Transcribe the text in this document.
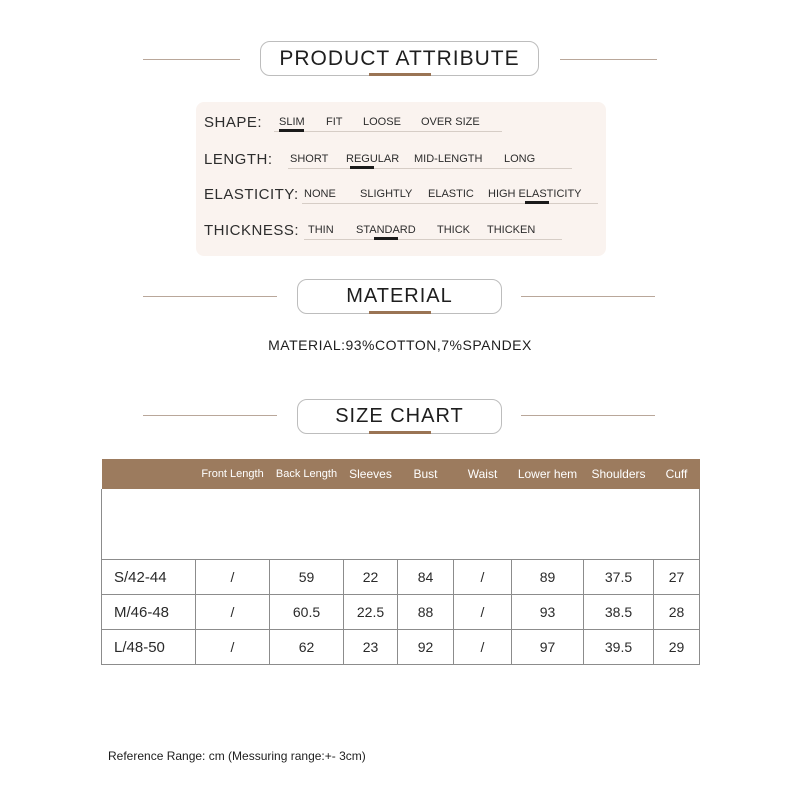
PRODUCT ATTRIBUTE
SHAPE: SLIM FIT LOOSE OVER SIZE
LENGTH: SHORT REGULAR MID-LENGTH LONG
ELASTICITY: NONE SLIGHTLY ELASTIC HIGH ELASTICITY
THICKNESS: THIN STANDARD THICK THICKEN
MATERIAL
MATERIAL:93%COTTON,7%SPANDEX
SIZE CHART
	Front Length	Back Length	Sleeves	Bust	Waist	Lower hem	Shoulders	Cuff

S/42-44	/	59	22	84	/	89	37.5	27
M/46-48	/	60.5	22.5	88	/	93	38.5	28
L/48-50	/	62	23	92	/	97	39.5	29
Reference Range: cm (Messuring range:+- 3cm)
